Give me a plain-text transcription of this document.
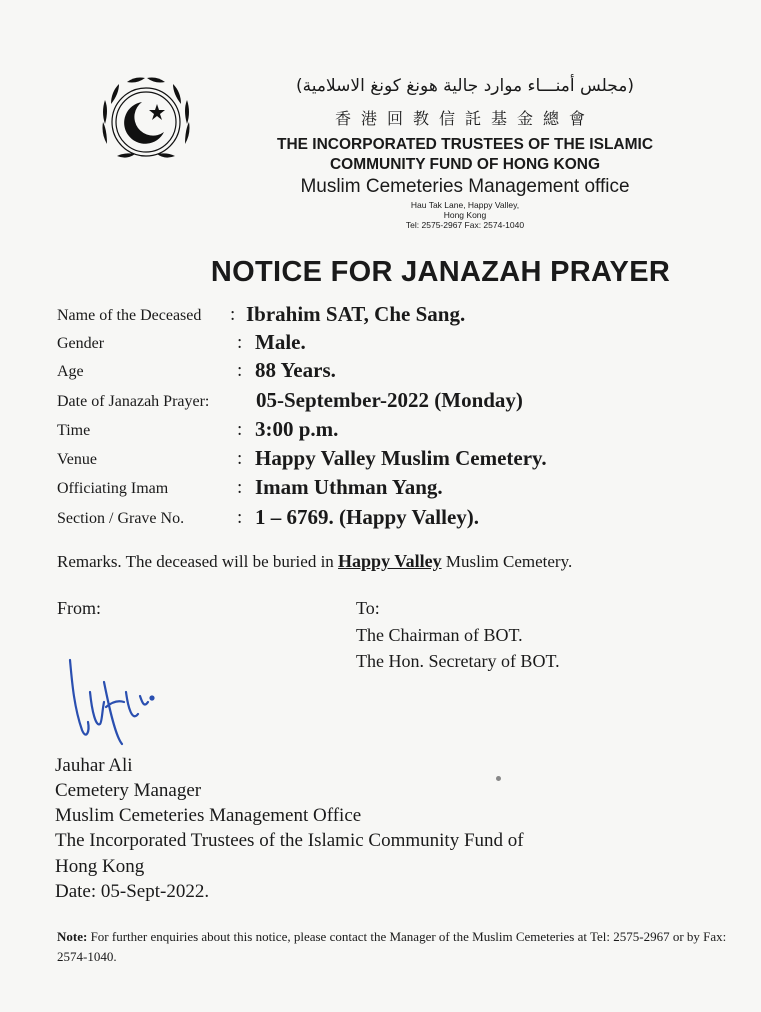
(مجلس أمنـــاء موارد جالية هونغ كونغ الاسلامية)
香港回教信託基金總會
THE INCORPORATED TRUSTEES OF THE ISLAMIC
COMMUNITY FUND OF HONG KONG
Muslim Cemeteries Management office
Hau Tak Lane, Happy Valley,
Hong Kong
Tel: 2575-2967 Fax: 2574-1040
NOTICE FOR JANAZAH PRAYER
Name of the Deceased : Ibrahim SAT, Che Sang.
Gender	: Male.
Age	: 88 Years.
Date of Janazah Prayer: 05-September-2022 (Monday)
Time	: 3:00 p.m.
Venue	: Happy Valley Muslim Cemetery.
Officiating Imam	: Imam Uthman Yang.
Section / Grave No.	: 1 – 6769. (Happy Valley).
Remarks. The deceased will be buried in Happy Valley Muslim Cemetery.
From:	To:
The Chairman of BOT.
The Hon. Secretary of BOT.
Jauhar Ali
Cemetery Manager
Muslim Cemeteries Management Office
The Incorporated Trustees of the Islamic Community Fund of
Hong Kong
Date: 05-Sept-2022.
Note: For further enquiries about this notice, please contact the Manager of the Muslim Cemeteries at Tel: 2575-2967 or by Fax: 2574-1040.
